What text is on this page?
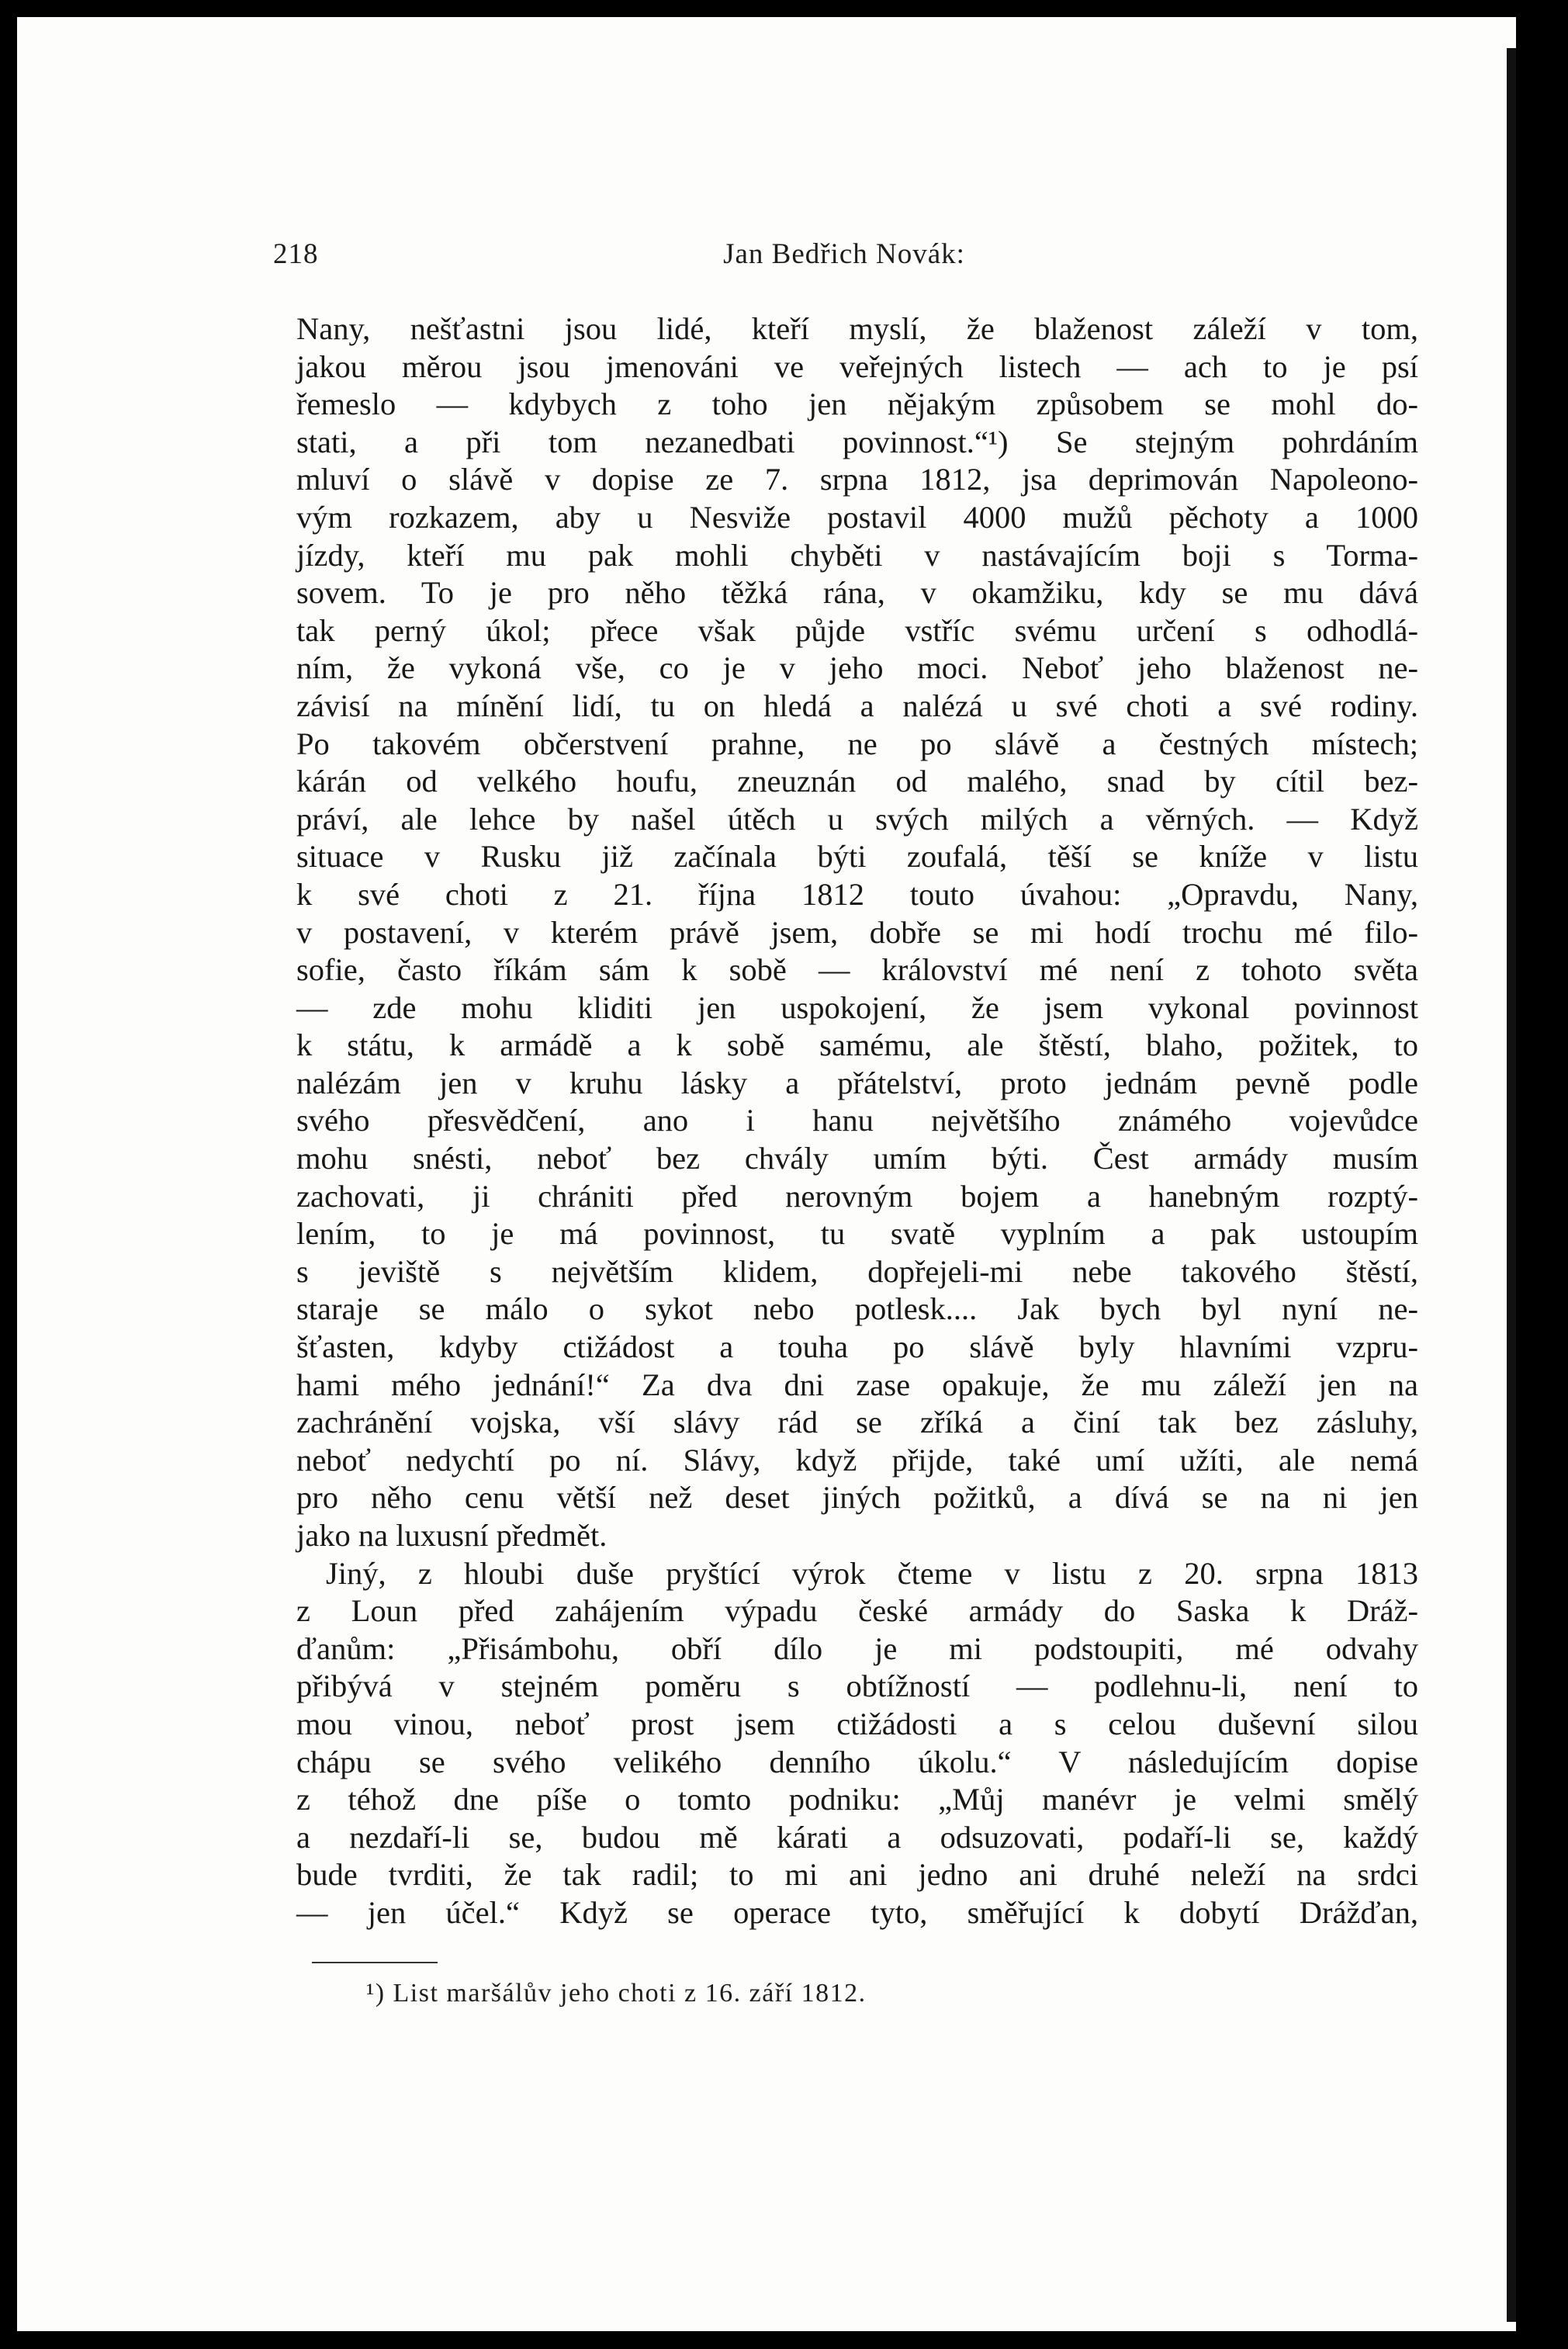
218	Jan Bedřich Novák:
Nany, nešťastni jsou lidé, kteří myslí, že blaženost záleží v tom,
jakou měrou jsou jmenováni ve veřejných listech — ach to je psí
řemeslo — kdybych z toho jen nějakým způsobem se mohl do-
stati, a při tom nezanedbati povinnost.“¹) Se stejným pohrdáním
mluví o slávě v dopise ze 7. srpna 1812, jsa deprimován Napoleono-
vým rozkazem, aby u Nesviže postavil 4000 mužů pěchoty a 1000
jízdy, kteří mu pak mohli chyběti v nastávajícím boji s Torma-
sovem. To je pro něho těžká rána, v okamžiku, kdy se mu dává
tak perný úkol; přece však půjde vstříc svému určení s odhodlá-
ním, že vykoná vše, co je v jeho moci. Neboť jeho blaženost ne-
závisí na mínění lidí, tu on hledá a nalézá u své choti a své rodiny.
Po takovém občerstvení prahne, ne po slávě a čestných místech;
kárán od velkého houfu, zneuznán od malého, snad by cítil bez-
práví, ale lehce by našel útěch u svých milých a věrných. — Když
situace v Rusku již začínala býti zoufalá, těší se kníže v listu
k své choti z 21. října 1812 touto úvahou: „Opravdu, Nany,
v postavení, v kterém právě jsem, dobře se mi hodí trochu mé filo-
sofie, často říkám sám k sobě — království mé není z tohoto světa
— zde mohu kliditi jen uspokojení, že jsem vykonal povinnost
k státu, k armádě a k sobě samému, ale štěstí, blaho, požitek, to
nalézám jen v kruhu lásky a přátelství, proto jednám pevně podle
svého přesvědčení, ano i hanu největšího známého vojevůdce
mohu snésti, neboť bez chvály umím býti. Čest armády musím
zachovati, ji chrániti před nerovným bojem a hanebným rozptý-
lením, to je má povinnost, tu svatě vyplním a pak ustoupím
s jeviště s největším klidem, dopřejeli-mi nebe takového štěstí,
staraje se málo o sykot nebo potlesk.... Jak bych byl nyní ne-
šťasten, kdyby ctižádost a touha po slávě byly hlavními vzpru-
hami mého jednání!“ Za dva dni zase opakuje, že mu záleží jen na
zachránění vojska, vší slávy rád se zříká a činí tak bez zásluhy,
neboť nedychtí po ní. Slávy, když přijde, také umí užíti, ale nemá
pro něho cenu větší než deset jiných požitků, a dívá se na ni jen
jako na luxusní předmět.
Jiný, z hloubi duše pryštící výrok čteme v listu z 20. srpna 1813
z Loun před zahájením výpadu české armády do Saska k Dráž-
ďanům: „Přisámbohu, obří dílo je mi podstoupiti, mé odvahy
přibývá v stejném poměru s obtížností — podlehnu-li, není to
mou vinou, neboť prost jsem ctižádosti a s celou duševní silou
chápu se svého velikého denního úkolu.“ V následujícím dopise
z téhož dne píše o tomto podniku: „Můj manévr je velmi smělý
a nezdaří-li se, budou mě kárati a odsuzovati, podaří-li se, každý
bude tvrditi, že tak radil; to mi ani jedno ani druhé neleží na srdci
— jen účel.“ Když se operace tyto, směřující k dobytí Drážďan,
¹) List maršálův jeho choti z 16. září 1812.
